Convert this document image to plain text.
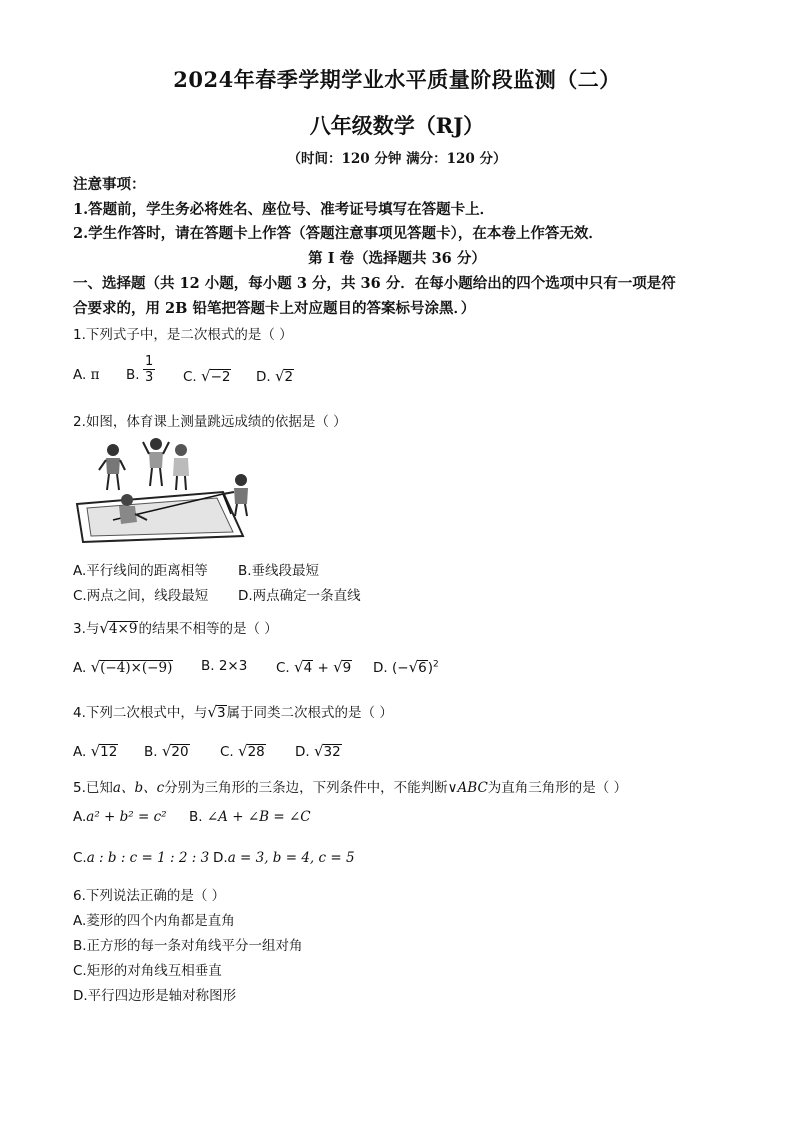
2024年春季学期学业水平质量阶段监测（二）
八年级数学（RJ）
（时间：120 分钟 满分：120 分）
注意事项：
1.答题前，学生务必将姓名、座位号、准考证号填写在答题卡上．
2.学生作答时，请在答题卡上作答（答题注意事项见答题卡），在本卷上作答无效．
第 I 卷（选择题共 36 分）
一、选择题（共 12 小题，每小题 3 分，共 36 分．在每小题给出的四个选项中只有一项是符
合要求的，用 2B 铅笔把答题卡上对应题目的答案标号涂黑．）
1.下列式子中，是二次根式的是（ ）
A. π B. $\frac{1}{3} C$. √−2 D. √2
2.如图，体育课上测量跳远成绩的依据是（ ）
A.平行线间的距离相等 B.垂线段最短
C.两点之间，线段最短 D.两点确定一条直线
3.与√4×9的结果不相等的是（ ）
A. √(−4)×(−9) B. 2×3 C. √4 + √9 D. $(-√6)^2$
4.下列二次根式中，与√3属于同类二次根式的是（ ）
A. √12 B. √20 C. √28 D. √32
5.已知a、b、c分别为三角形的三条边，下列条件中，不能判断∨ABC为直角三角形的是（ ）
A.a² + b² = c² B. ∠A + ∠B = ∠C
C.a : b : c = 1 : 2 : 3 D.a = 3, b = 4, c = 5
6.下列说法正确的是（ ）
A.菱形的四个内角都是直角
B.正方形的每一条对角线平分一组对角
C.矩形的对角线互相垂直
D.平行四边形是轴对称图形
